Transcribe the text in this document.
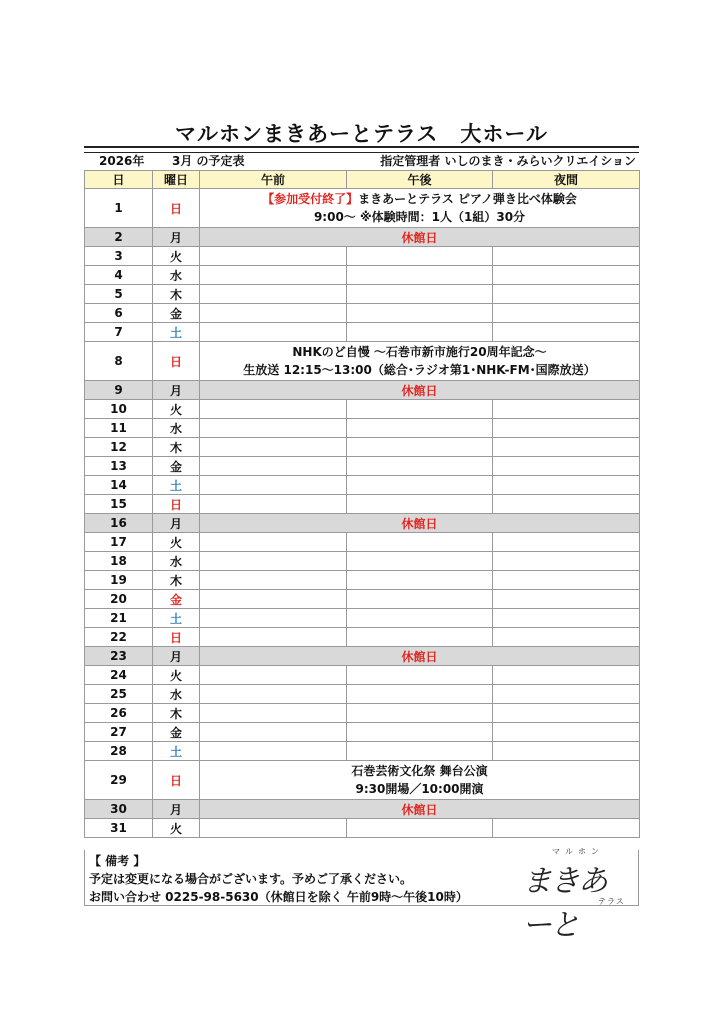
マルホンまきあーとテラス　大ホール
2026年 3月 の予定表	指定管理者 いしのまき・みらいクリエイション
日	曜日	午前	午後	夜間
1	日	【参加受付終了】まきあーとテラス ピアノ弾き比べ体験会
9:00～ ※体験時間：1人（1組）30分		

2	月	休館日		
3	火			
4	水			
5	木			
6	金			
7	土			
8	日	NHKのど自慢 ～石巻市新市施行20周年記念～
生放送 12:15～13:00（総合･ラジオ第1･NHK-FM･国際放送）		

9	月	休館日		
10	火			
11	水			
12	木			
13	金			
14	土			
15	日			
16	月	休館日		
17	火			
18	水			
19	木			
20	金			
21	土			
22	日			
23	月	休館日		
24	火			
25	水			
26	木			
27	金			
28	土			
29	日	石巻芸術文化祭 舞台公演
9:30開場／10:00開演		

30	月	休館日		
31	火			
【 備考 】
予定は変更になる場合がございます。予めご了承ください。
お問い合わせ 0225-98-5630（休館日を除く 午前9時～午後10時）
マルホン
まきあーと
テラス
